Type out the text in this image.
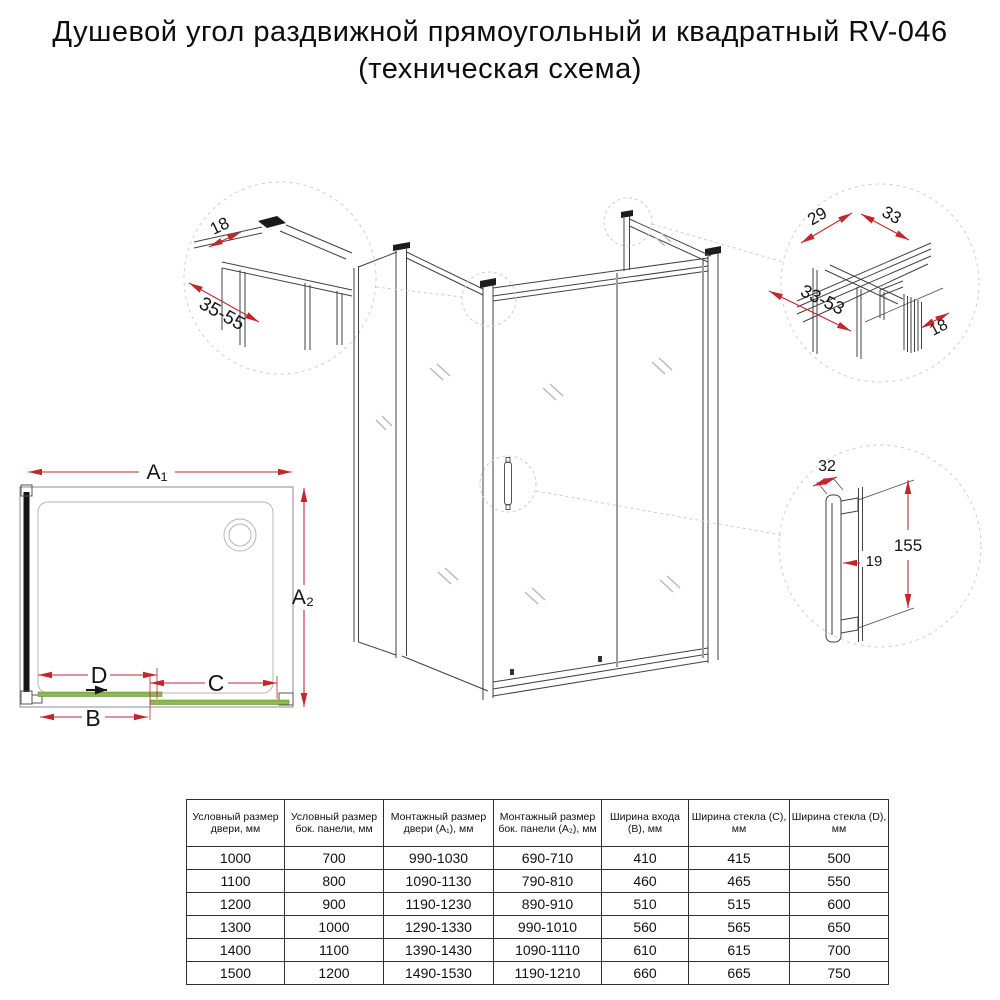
Душевой угол раздвижной прямоугольный и квадратный RV-046
(техническая схема)
18
35-55
29	33
33-53
18
32
155
19
A₁
A₂
D	C
B
Условный размер двери, мм	Условный размер бок. панели, мм	Монтажный размер двери (A₁), мм	Монтажный размер бок. панели (A₂), мм	Ширина входа (B), мм	Ширина стекла (C), мм	Ширина стекла (D), мм
1000	700	990-1030	690-710	410	415	500
1100	800	1090-1130	790-810	460	465	550
1200	900	1190-1230	890-910	510	515	600
1300	1000	1290-1330	990-1010	560	565	650
1400	1100	1390-1430	1090-1110	610	615	700
1500	1200	1490-1530	1190-1210	660	665	750
